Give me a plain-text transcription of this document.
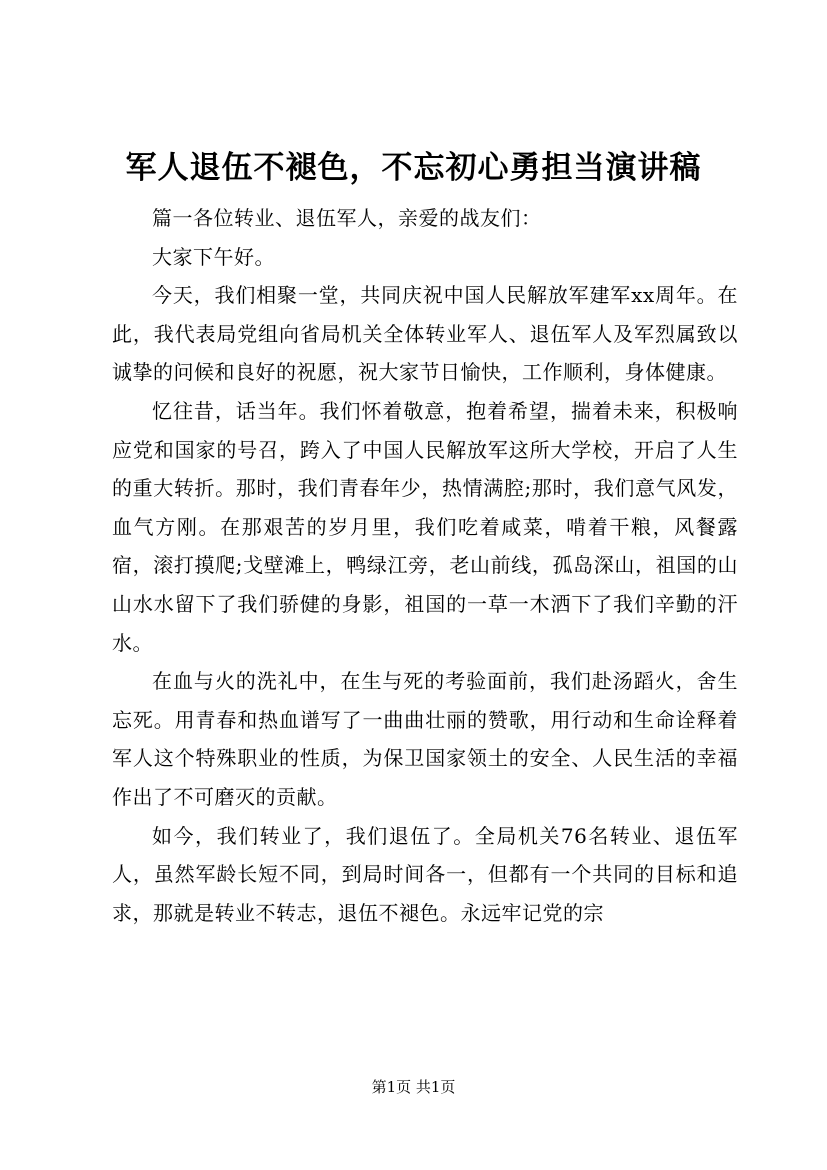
军人退伍不褪色，不忘初心勇担当演讲稿

篇一各位转业、退伍军人，亲爱的战友们：

大家下午好。

今天，我们相聚一堂，共同庆祝中国人民解放军建军xx周年。在此，我代表局党组向省局机关全体转业军人、退伍军人及军烈属致以诚挚的问候和良好的祝愿，祝大家节日愉快，工作顺利，身体健康。

忆往昔，话当年。我们怀着敬意，抱着希望，揣着未来，积极响应党和国家的号召，跨入了中国人民解放军这所大学校，开启了人生的重大转折。那时，我们青春年少，热情满腔;那时，我们意气风发，血气方刚。在那艰苦的岁月里，我们吃着咸菜，啃着干粮，风餐露宿，滚打摸爬;戈壁滩上，鸭绿江旁，老山前线，孤岛深山，祖国的山山水水留下了我们骄健的身影，祖国的一草一木洒下了我们辛勤的汗水。

在血与火的洗礼中，在生与死的考验面前，我们赴汤蹈火，舍生忘死。用青春和热血谱写了一曲曲壮丽的赞歌，用行动和生命诠释着军人这个特殊职业的性质，为保卫国家领土的安全、人民生活的幸福作出了不可磨灭的贡献。

如今，我们转业了，我们退伍了。全局机关76名转业、退伍军人，虽然军龄长短不同，到局时间各一，但都有一个共同的目标和追求，那就是转业不转志，退伍不褪色。永远牢记党的宗

第1页 共1页
